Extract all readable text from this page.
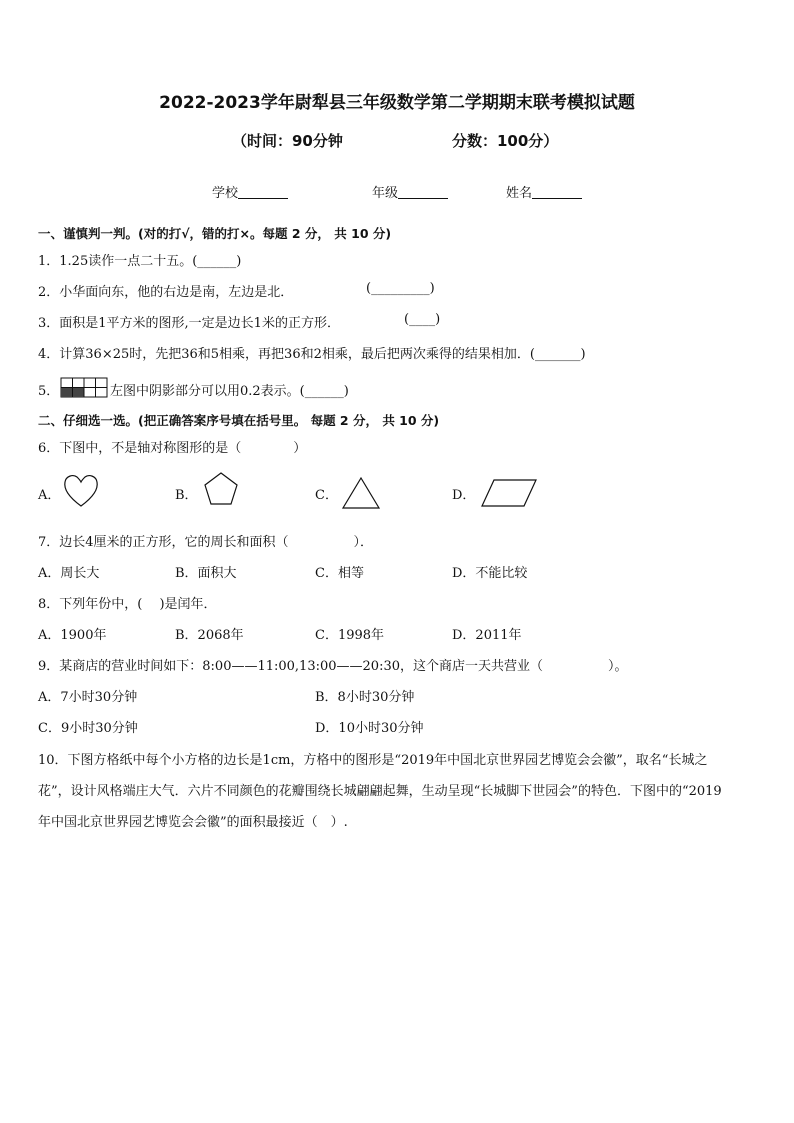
2022-2023学年尉犁县三年级数学第二学期期末联考模拟试题
（时间：90分钟	分数：100分）
学校	年级	姓名
一、谨慎判一判。(对的打√，错的打×。每题 2 分， 共 10 分)
1．1.25读作一点二十五。(______)
2．小华面向东，他的右边是南，左边是北．	(_________)
3．面积是1平方米的图形,一定是边长1米的正方形．	(____)
4．计算36×25时，先把36和5相乘，再把36和2相乘，最后把两次乘得的结果相加．(_______)
5．	左图中阴影部分可以用0.2表示。(______)
二、仔细选一选。(把正确答案序号填在括号里。 每题 2 分， 共 10 分)
6．下图中，不是轴对称图形的是（　　　　）
A．	B．	C．	D．
7．边长4厘米的正方形，它的周长和面积（　　　　　）．
A．周长大	B．面积大	C．相等	D．不能比较
8．下列年份中，(　 )是闰年．
A．1900年	B．2068年	C．1998年	D．2011年
9．某商店的营业时间如下：8:00——11:00,13:00——20:30，这个商店一天共营业（　　　　　）。
A．7小时30分钟	B．8小时30分钟
C．9小时30分钟	D．10小时30分钟
10．下图方格纸中每个小方格的边长是1cm，方格中的图形是“2019年中国北京世界园艺博览会会徽”，取名“长城之
花”，设计风格端庄大气．六片不同颜色的花瓣围绕长城翩翩起舞，生动呈现“长城脚下世园会”的特色．下图中的“2019
年中国北京世界园艺博览会会徽”的面积最接近（　）.
